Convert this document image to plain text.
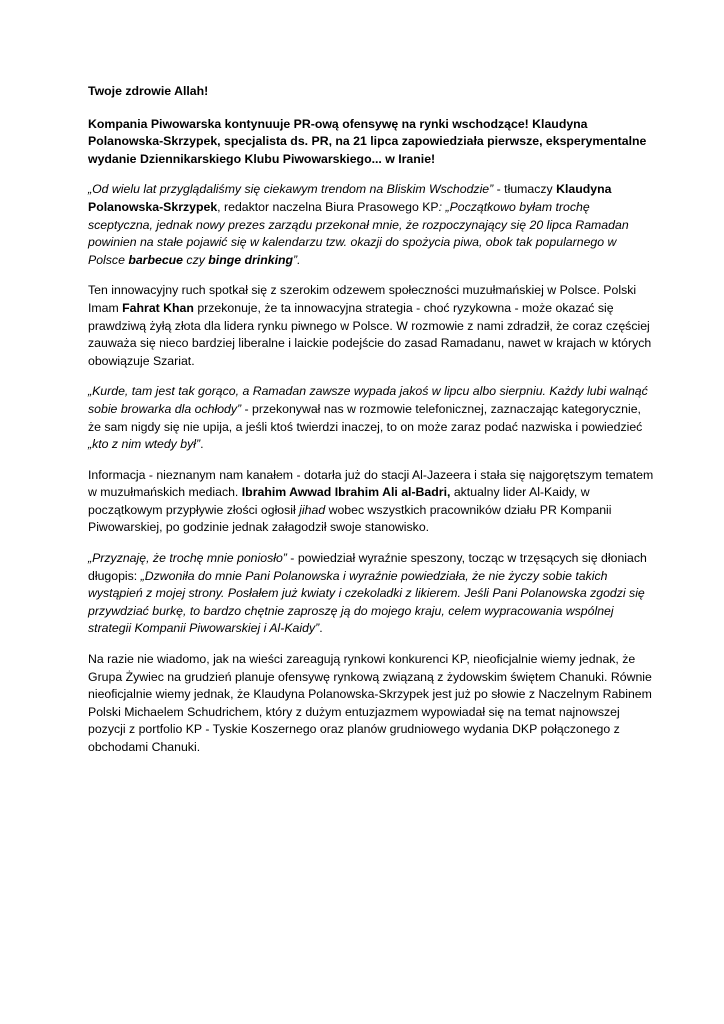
Twoje zdrowie Allah!

Kompania Piwowarska kontynuuje PR-ową ofensywę na rynki wschodzące! Klaudyna Polanowska-Skrzypek, specjalista ds. PR, na 21 lipca zapowiedziała pierwsze, eksperymentalne wydanie Dziennikarskiego Klubu Piwowarskiego... w Iranie!

„Od wielu lat przyglądaliśmy się ciekawym trendom na Bliskim Wschodzie” - tłumaczy Klaudyna Polanowska-Skrzypek, redaktor naczelna Biura Prasowego KP: „Początkowo byłam trochę sceptyczna, jednak nowy prezes zarządu przekonał mnie, że rozpoczynający się 20 lipca Ramadan powinien na stałe pojawić się w kalendarzu tzw. okazji do spożycia piwa, obok tak popularnego w Polsce barbecue czy binge drinking”.

Ten innowacyjny ruch spotkał się z szerokim odzewem społeczności muzułmańskiej w Polsce. Polski Imam Fahrat Khan przekonuje, że ta innowacyjna strategia - choć ryzykowna - może okazać się prawdziwą żyłą złota dla lidera rynku piwnego w Polsce. W rozmowie z nami zdradził, że coraz częściej zauważa się nieco bardziej liberalne i laickie podejście do zasad Ramadanu, nawet w krajach w których obowiązuje Szariat.

„Kurde, tam jest tak gorąco, a Ramadan zawsze wypada jakoś w lipcu albo sierpniu. Każdy lubi walnąć sobie browarka dla ochłody” - przekonywał nas w rozmowie telefonicznej, zaznaczając kategorycznie, że sam nigdy się nie upija, a jeśli ktoś twierdzi inaczej, to on może zaraz podać nazwiska i powiedzieć „kto z nim wtedy był”.

Informacja - nieznanym nam kanałem - dotarła już do stacji Al-Jazeera i stała się najgorętszym tematem w muzułmańskich mediach. Ibrahim Awwad Ibrahim Ali al-Badri, aktualny lider Al-Kaidy, w początkowym przypływie złości ogłosił jihad wobec wszystkich pracowników działu PR Kompanii Piwowarskiej, po godzinie jednak załagodził swoje stanowisko.

„Przyznaję, że trochę mnie poniosło” - powiedział wyraźnie speszony, tocząc w trzęsących się dłoniach długopis: „Dzwoniła do mnie Pani Polanowska i wyraźnie powiedziała, że nie życzy sobie takich wystąpień z mojej strony. Posłałem już kwiaty i czekoladki z likierem. Jeśli Pani Polanowska zgodzi się przywdziać burkę, to bardzo chętnie zaproszę ją do mojego kraju, celem wypracowania wspólnej strategii Kompanii Piwowarskiej i Al-Kaidy”.

Na razie nie wiadomo, jak na wieści zareagują rynkowi konkurenci KP, nieoficjalnie wiemy jednak, że Grupa Żywiec na grudzień planuje ofensywę rynkową związaną z żydowskim świętem Chanuki. Równie nieoficjalnie wiemy jednak, że Klaudyna Polanowska-Skrzypek jest już po słowie z Naczelnym Rabinem Polski Michaelem Schudrichem, który z dużym entuzjazmem wypowiadał się na temat najnowszej pozycji z portfolio KP - Tyskie Koszernego oraz planów grudniowego wydania DKP połączonego z obchodami Chanuki.
